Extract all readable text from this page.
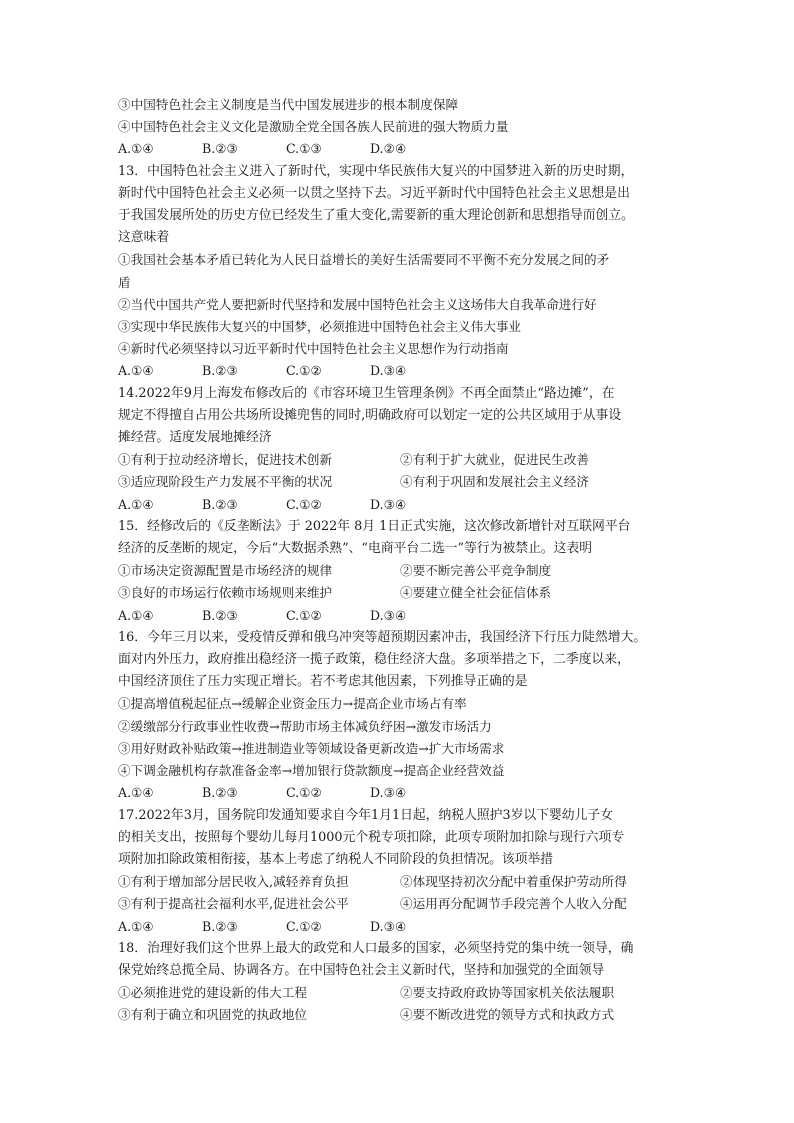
③中国特色社会主义制度是当代中国发展进步的根本制度保障
④中国特色社会主义文化是激励全党全国各族人民前进的强大物质力量
A.①④	B.②③	C.①③	D.②④
13．中国特色社会主义进入了新时代，实现中华民族伟大复兴的中国梦进入新的历史时期，
新时代中国特色社会主义必须一以贯之坚持下去。习近平新时代中国特色社会主义思想是出
于我国发展所处的历史方位已经发生了重大变化,需要新的重大理论创新和思想指导而创立。
这意味着
①我国社会基本矛盾已转化为人民日益增长的美好生活需要同不平衡不充分发展之间的矛
盾
②当代中国共产党人要把新时代坚持和发展中国特色社会主义这场伟大自我革命进行好
③实现中华民族伟大复兴的中国梦，必须推进中国特色社会主义伟大事业
④新时代必须坚持以习近平新时代中国特色社会主义思想作为行动指南
A.①④	B.②③	C.①②	D.③④
14.2022年9月上海发布修改后的《市容环境卫生管理条例》不再全面禁止“路边摊”，在
规定不得擅自占用公共场所设摊兜售的同时,明确政府可以划定一定的公共区域用于从事设
摊经营。适度发展地摊经济
①有利于拉动经济增长，促进技术创新	②有利于扩大就业，促进民生改善
③适应现阶段生产力发展不平衡的状况	④有利于巩固和发展社会主义经济
A.①④	B.②③	C.①②	D.③④
15．经修改后的《反垄断法》于 2022年 8月 1日正式实施，这次修改新增针对互联网平台
经济的反垄断的规定，今后“大数据杀熟”、“电商平台二选一”等行为被禁止。这表明
①市场决定资源配置是市场经济的规律	②要不断完善公平竞争制度
③良好的市场运行依赖市场规则来维护	④要建立健全社会征信体系
A.①④	B.②③	C.①②	D.③④
16．今年三月以来，受疫情反弹和俄乌冲突等超预期因素冲击，我国经济下行压力陡然增大。
面对内外压力，政府推出稳经济一揽子政策，稳住经济大盘。多项举措之下，二季度以来，
中国经济顶住了压力实现正增长。若不考虑其他因素，下列推导正确的是
①提高增值税起征点→缓解企业资金压力→提高企业市场占有率
②缓缴部分行政事业性收费→帮助市场主体减负纾困→激发市场活力
③用好财政补贴政策→推进制造业等领域设备更新改造→扩大市场需求
④下调金融机构存款准备金率→增加银行贷款额度→提高企业经营效益
A.①④	B.②③	C.①②	D.③④
17.2022年3月，国务院印发通知要求自今年1月1日起，纳税人照护3岁以下婴幼儿子女
的相关支出，按照每个婴幼儿每月1000元个税专项扣除，此项专项附加扣除与现行六项专
项附加扣除政策相衔接，基本上考虑了纳税人不同阶段的负担情况。该项举措
①有利于增加部分居民收入,减轻养育负担	②体现坚持初次分配中着重保护劳动所得
③有利于提高社会福利水平,促进社会公平	④运用再分配调节手段完善个人收入分配
A.①④	B.②③	C.①②	D.③④
18．治理好我们这个世界上最大的政党和人口最多的国家，必须坚持党的集中统一领导，确
保党始终总揽全局、协调各方。在中国特色社会主义新时代，坚持和加强党的全面领导
①必须推进党的建设新的伟大工程	②要支持政府政协等国家机关依法履职
③有利于确立和巩固党的执政地位	④要不断改进党的领导方式和执政方式
